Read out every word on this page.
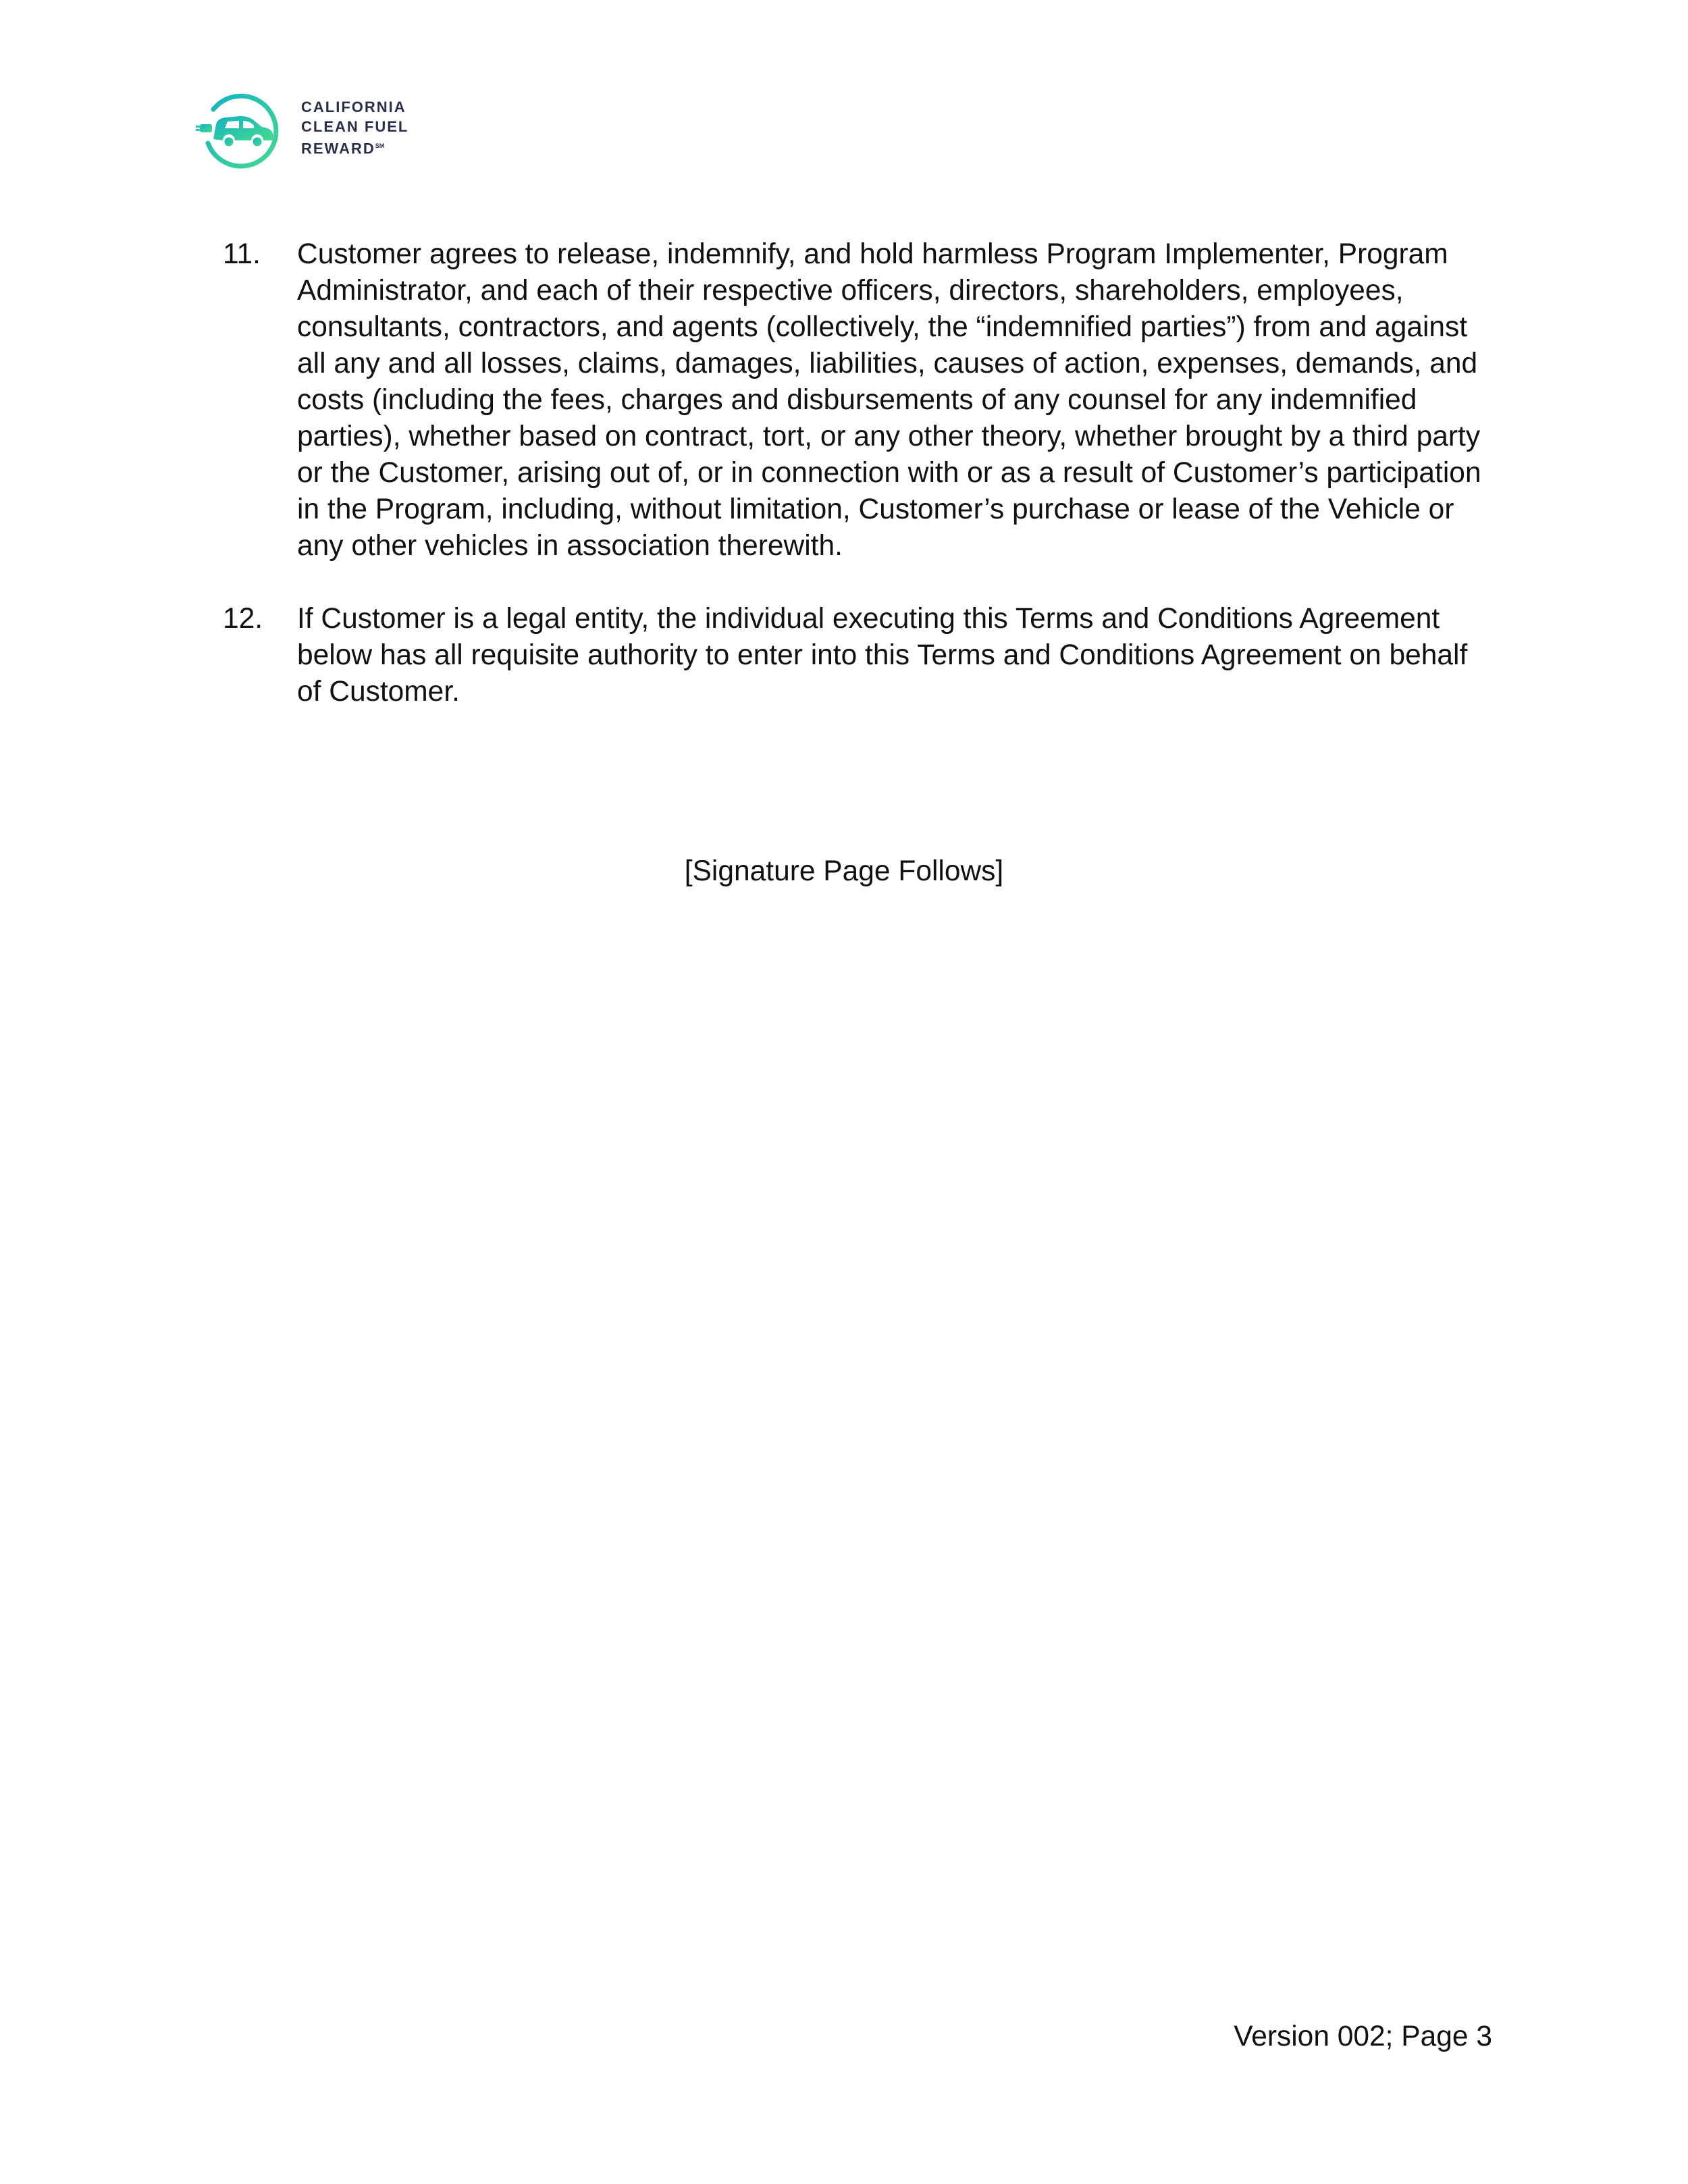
CALIFORNIA
CLEAN FUEL
REWARD℠
11. Customer agrees to release, indemnify, and hold harmless Program Implementer, Program Administrator, and each of their respective officers, directors, shareholders, employees, consultants, contractors, and agents (collectively, the “indemnified parties”) from and against all any and all losses, claims, damages, liabilities, causes of action, expenses, demands, and costs (including the fees, charges and disbursements of any counsel for any indemnified parties), whether based on contract, tort, or any other theory, whether brought by a third party or the Customer, arising out of, or in connection with or as a result of Customer’s participation in the Program, including, without limitation, Customer’s purchase or lease of the Vehicle or any other vehicles in association therewith.
12. If Customer is a legal entity, the individual executing this Terms and Conditions Agreement below has all requisite authority to enter into this Terms and Conditions Agreement on behalf of Customer.
[Signature Page Follows]
Version 002; Page 3
